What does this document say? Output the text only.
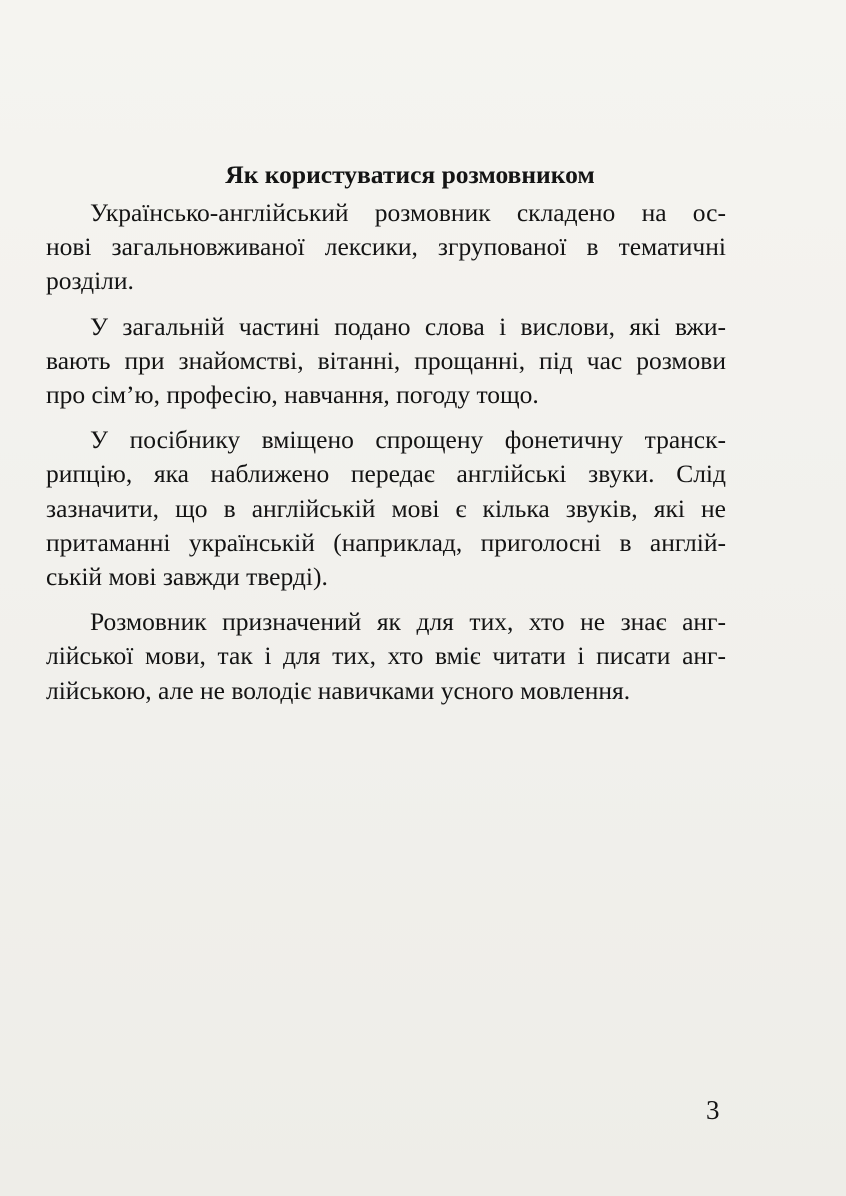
Як користуватися розмовником
Українсько-англійський розмовник складено на ос-
нові загальновживаної лексики, згрупованої в тематичні
розділи.
У загальній частині подано слова і вислови, які вжи-
вають при знайомстві, вітанні, прощанні, під час розмови
про сім’ю, професію, навчання, погоду тощо.
У посібнику вміщено спрощену фонетичну транск-
рипцію, яка наближено передає англійські звуки. Слід
зазначити, що в англійській мові є кілька звуків, які не
притаманні українській (наприклад, приголосні в англій-
ській мові завжди тверді).
Розмовник призначений як для тих, хто не знає анг-
лійської мови, так і для тих, хто вміє читати і писати анг-
лійською, але не володіє навичками усного мовлення.
3
